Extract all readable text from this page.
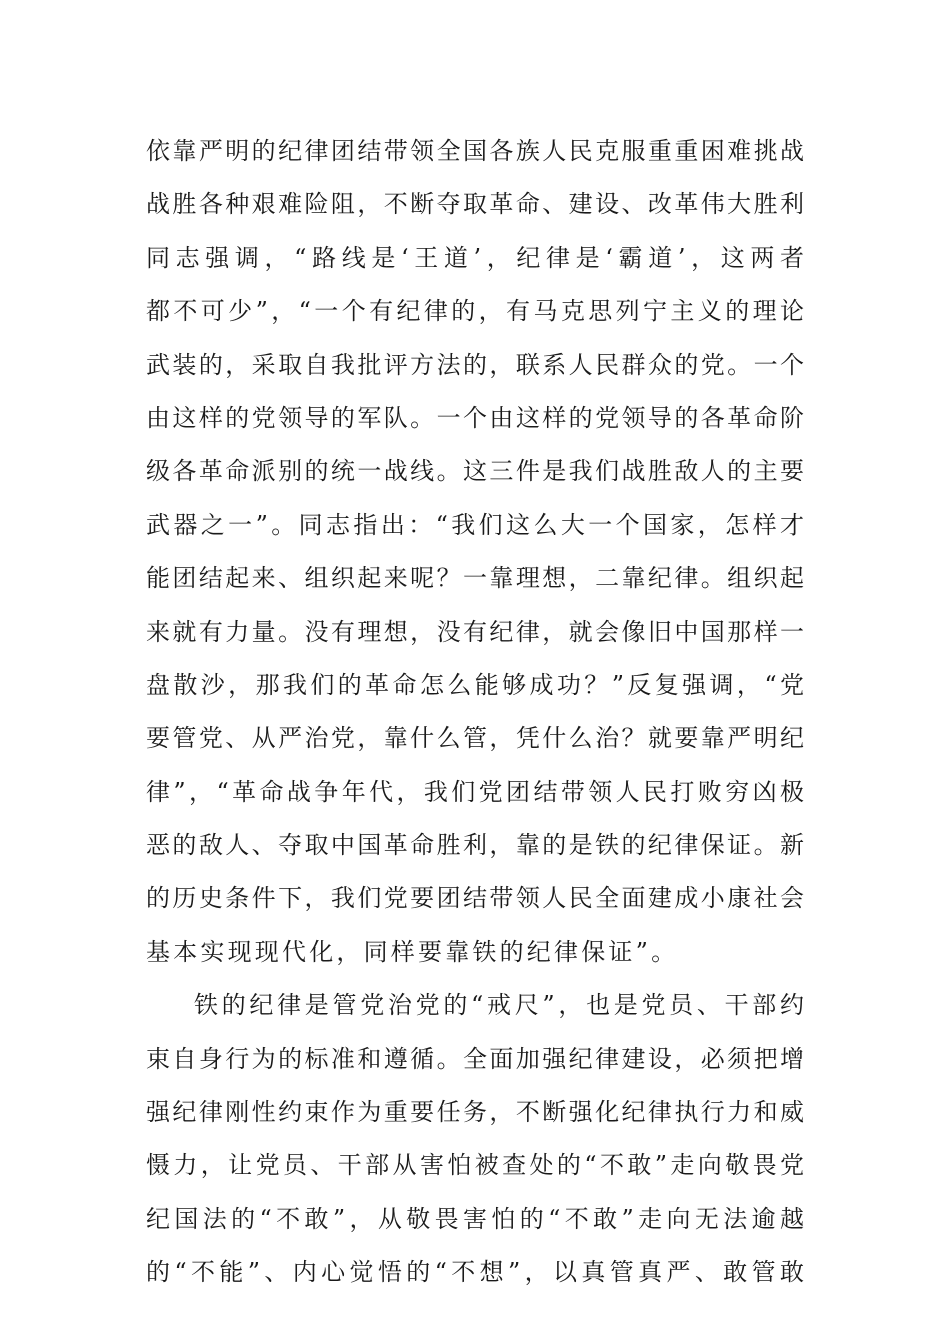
依靠严明的纪律团结带领全国各族人民克服重重困难挑战
战胜各种艰难险阻，不断夺取革命、建设、改革伟大胜利
同志强调，“路线是‘王道’，纪律是‘霸道’，这两者
都不可少”，“一个有纪律的，有马克思列宁主义的理论
武装的，采取自我批评方法的，联系人民群众的党。一个
由这样的党领导的军队。一个由这样的党领导的各革命阶
级各革命派别的统一战线。这三件是我们战胜敌人的主要
武器之一”。同志指出：“我们这么大一个国家，怎样才
能团结起来、组织起来呢？一靠理想，二靠纪律。组织起
来就有力量。没有理想，没有纪律，就会像旧中国那样一
盘散沙，那我们的革命怎么能够成功？”反复强调，“党
要管党、从严治党，靠什么管，凭什么治？就要靠严明纪
律”，“革命战争年代，我们党团结带领人民打败穷凶极
恶的敌人、夺取中国革命胜利，靠的是铁的纪律保证。新
的历史条件下，我们党要团结带领人民全面建成小康社会
基本实现现代化，同样要靠铁的纪律保证”。
铁的纪律是管党治党的“戒尺”，也是党员、干部约
束自身行为的标准和遵循。全面加强纪律建设，必须把增
强纪律刚性约束作为重要任务，不断强化纪律执行力和威
慑力，让党员、干部从害怕被查处的“不敢”走向敬畏党
纪国法的“不敢”，从敬畏害怕的“不敢”走向无法逾越
的“不能”、内心觉悟的“不想”，以真管真严、敢管敢
